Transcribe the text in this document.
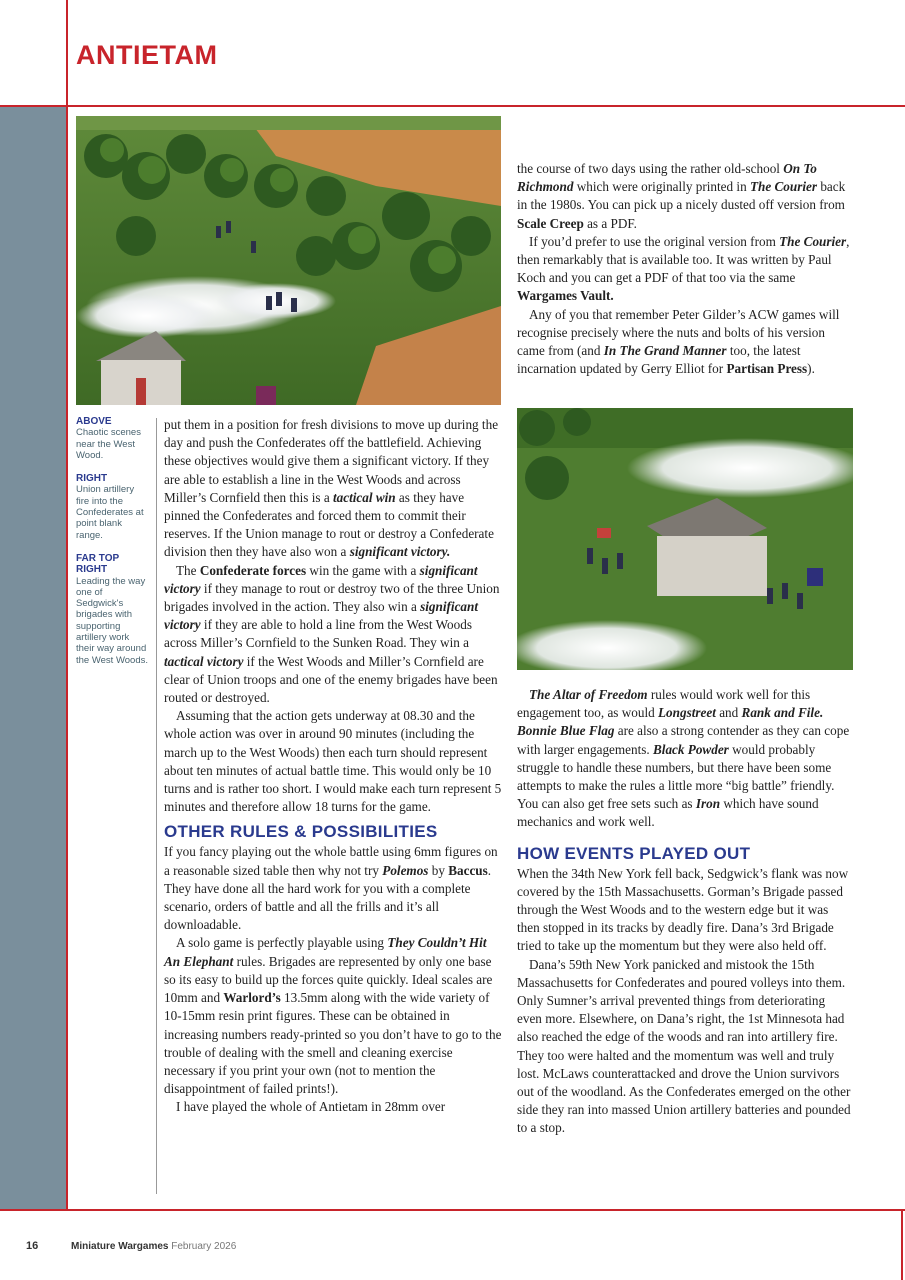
ANTIETAM
ABOVE
Chaotic scenes near the West Wood.
RIGHT
Union artillery fire into the Confederates at point blank range.
FAR TOP RIGHT
Leading the way one of Sedgwick's brigades with supporting artillery work their way around the West Woods.

put them in a position for fresh divisions to move up during the day and push the Confederates off the battlefield. Achieving these objectives would give them a significant victory. If they are able to establish a line in the West Woods and across Miller’s Cornfield then this is a tactical win as they have pinned the Confederates and forced them to commit their reserves. If the Union manage to rout or destroy a Confederate division then they have also won a significant victory.

The Confederate forces win the game with a significant victory if they manage to rout or destroy two of the three Union brigades involved in the action. They also win a significant victory if they are able to hold a line from the West Woods across Miller’s Cornfield to the Sunken Road. They win a tactical victory if the West Woods and Miller’s Cornfield are clear of Union troops and one of the enemy brigades have been routed or destroyed.

Assuming that the action gets underway at 08.30 and the whole action was over in around 90 minutes (including the march up to the West Woods) then each turn should represent about ten minutes of actual battle time. This would only be 10 turns and is rather too short. I would make each turn represent 5 minutes and therefore allow 18 turns for the game.

OTHER RULES & POSSIBILITIES

If you fancy playing out the whole battle using 6mm figures on a reasonable sized table then why not try Polemos by Baccus. They have done all the hard work for you with a complete scenario, orders of battle and all the frills and it’s all downloadable.

A solo game is perfectly playable using They Couldn’t Hit An Elephant rules. Brigades are represented by only one base so its easy to build up the forces quite quickly. Ideal scales are 10mm and Warlord’s 13.5mm along with the wide variety of 10-15mm resin print figures. These can be obtained in increasing numbers ready-printed so you don’t have to go to the trouble of dealing with the smell and cleaning exercise necessary if you print your own (not to mention the disappointment of failed prints!).

I have played the whole of Antietam in 28mm over

the course of two days using the rather old-school On To Richmond which were originally printed in The Courier back in the 1980s. You can pick up a nicely dusted off version from Scale Creep as a PDF.

If you’d prefer to use the original version from The Courier, then remarkably that is available too. It was written by Paul Koch and you can get a PDF of that too via the same Wargames Vault.

Any of you that remember Peter Gilder’s ACW games will recognise precisely where the nuts and bolts of his version came from (and In The Grand Manner too, the latest incarnation updated by Gerry Elliot for Partisan Press).

The Altar of Freedom rules would work well for this engagement too, as would Longstreet and Rank and File. Bonnie Blue Flag are also a strong contender as they can cope with larger engagements. Black Powder would probably struggle to handle these numbers, but there have been some attempts to make the rules a little more “big battle” friendly. You can also get free sets such as Iron which have sound mechanics and work well.

HOW EVENTS PLAYED OUT

When the 34th New York fell back, Sedgwick’s flank was now covered by the 15th Massachusetts. Gorman’s Brigade passed through the West Woods and to the western edge but it was then stopped in its tracks by deadly fire. Dana’s 3rd Brigade tried to take up the momentum but they were also held off.

Dana’s 59th New York panicked and mistook the 15th Massachusetts for Confederates and poured volleys into them. Only Sumner’s arrival prevented things from deteriorating even more. Elsewhere, on Dana’s right, the 1st Minnesota had also reached the edge of the woods and ran into artillery fire. They too were halted and the momentum was well and truly lost. McLaws counterattacked and drove the Union survivors out of the woodland. As the Confederates emerged on the other side they ran into massed Union artillery batteries and pounded to a stop.

16	Miniature Wargames February 2026
